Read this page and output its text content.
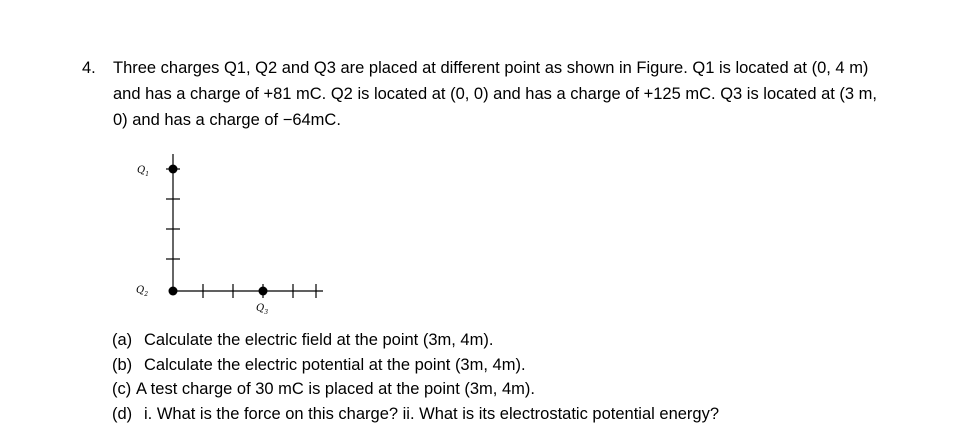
4. Three charges Q1, Q2 and Q3 are placed at different point as shown in Figure. Q1 is located at (0, 4 m) and has a charge of +81 mC. Q2 is located at (0, 0) and has a charge of +125 mC. Q3 is located at (3 m, 0) and has a charge of −64mC.
$Q_1$
$Q_2$
$Q_3$
(a) Calculate the electric field at the point (3m, 4m).
(b) Calculate the electric potential at the point (3m, 4m).
(c) A test charge of 30 mC is placed at the point (3m, 4m).
(d) i. What is the force on this charge? ii. What is its electrostatic potential energy?
